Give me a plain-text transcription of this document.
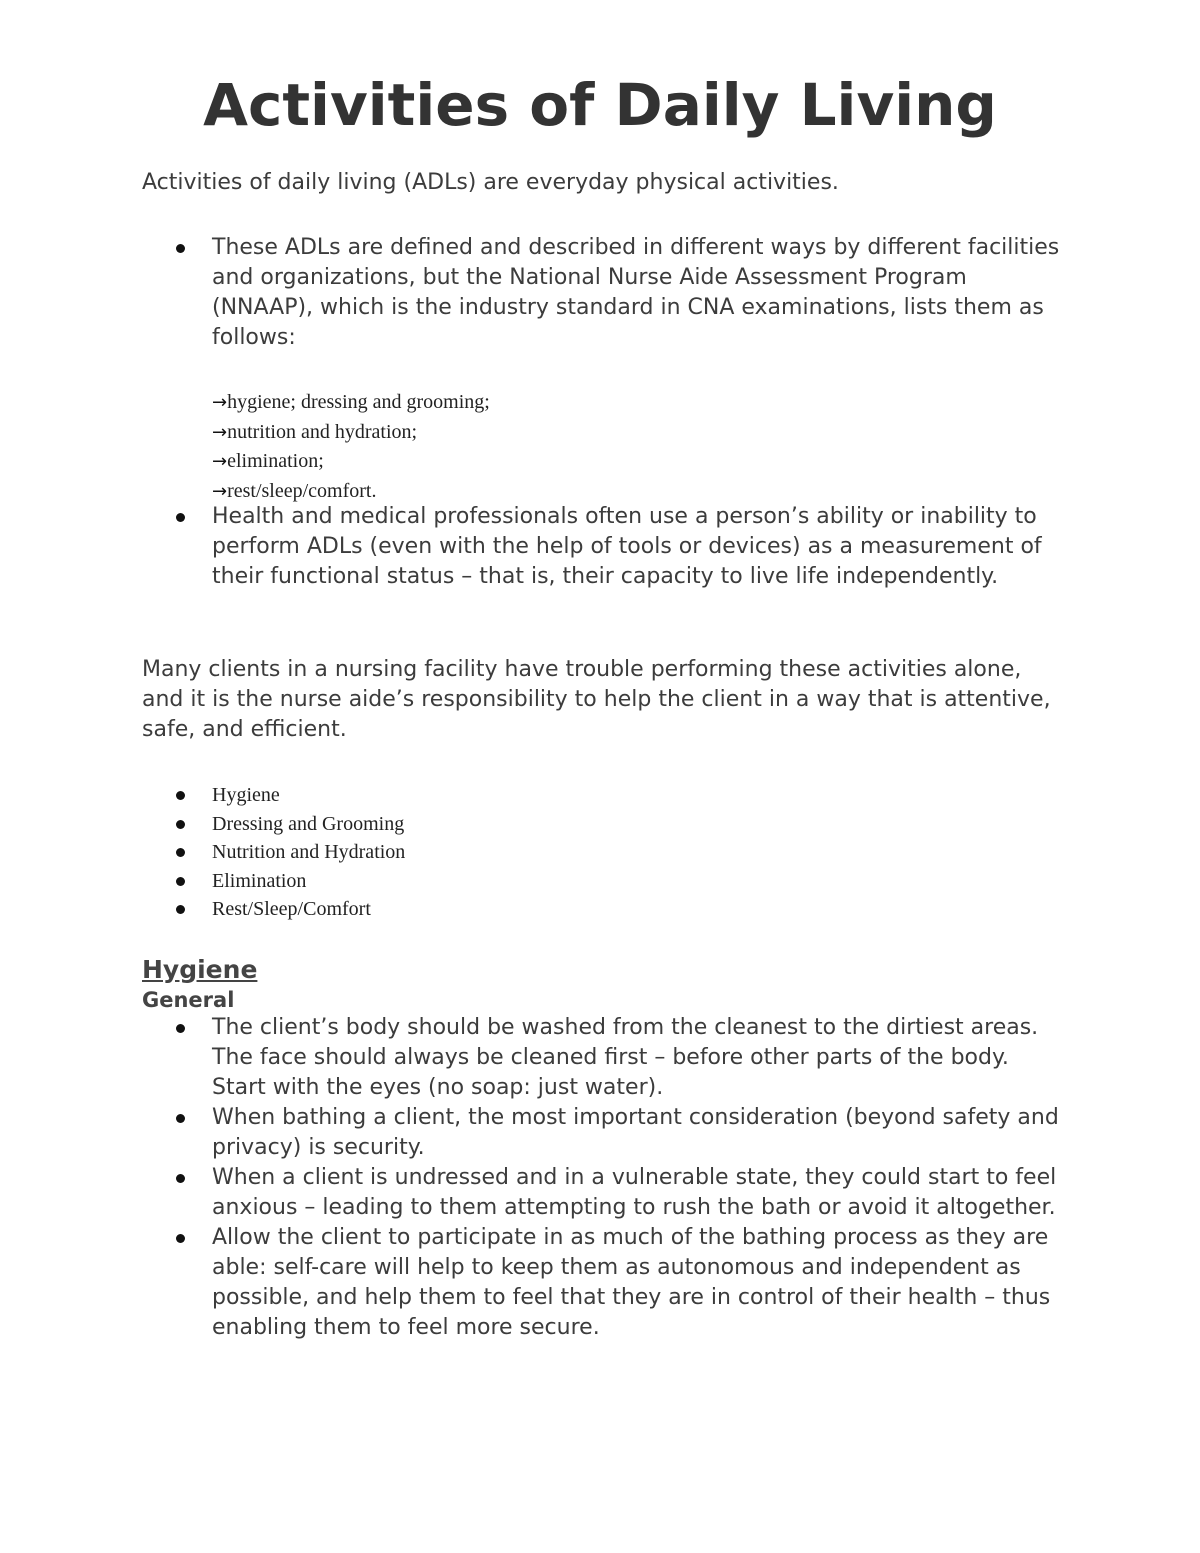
Activities of Daily Living

Activities of daily living (ADLs) are everyday physical activities.

These ADLs are defined and described in different ways by different facilities and organizations, but the National Nurse Aide Assessment Program (NNAAP), which is the industry standard in CNA examinations, lists them as follows:
→hygiene; dressing and grooming;
→nutrition and hydration;
→elimination;
→rest/sleep/comfort.
Health and medical professionals often use a person’s ability or inability to perform ADLs (even with the help of tools or devices) as a measurement of their functional status – that is, their capacity to live life independently.

Many clients in a nursing facility have trouble performing these activities alone, and it is the nurse aide’s responsibility to help the client in a way that is attentive, safe, and efficient.

Hygiene
Dressing and Grooming
Nutrition and Hydration
Elimination
Rest/Sleep/Comfort
Hygiene
General
The client’s body should be washed from the cleanest to the dirtiest areas. The face should always be cleaned first – before other parts of the body. Start with the eyes (no soap: just water).
When bathing a client, the most important consideration (beyond safety and privacy) is security.
When a client is undressed and in a vulnerable state, they could start to feel anxious – leading to them attempting to rush the bath or avoid it altogether.
Allow the client to participate in as much of the bathing process as they are able: self-care will help to keep them as autonomous and independent as possible, and help them to feel that they are in control of their health – thus enabling them to feel more secure.
